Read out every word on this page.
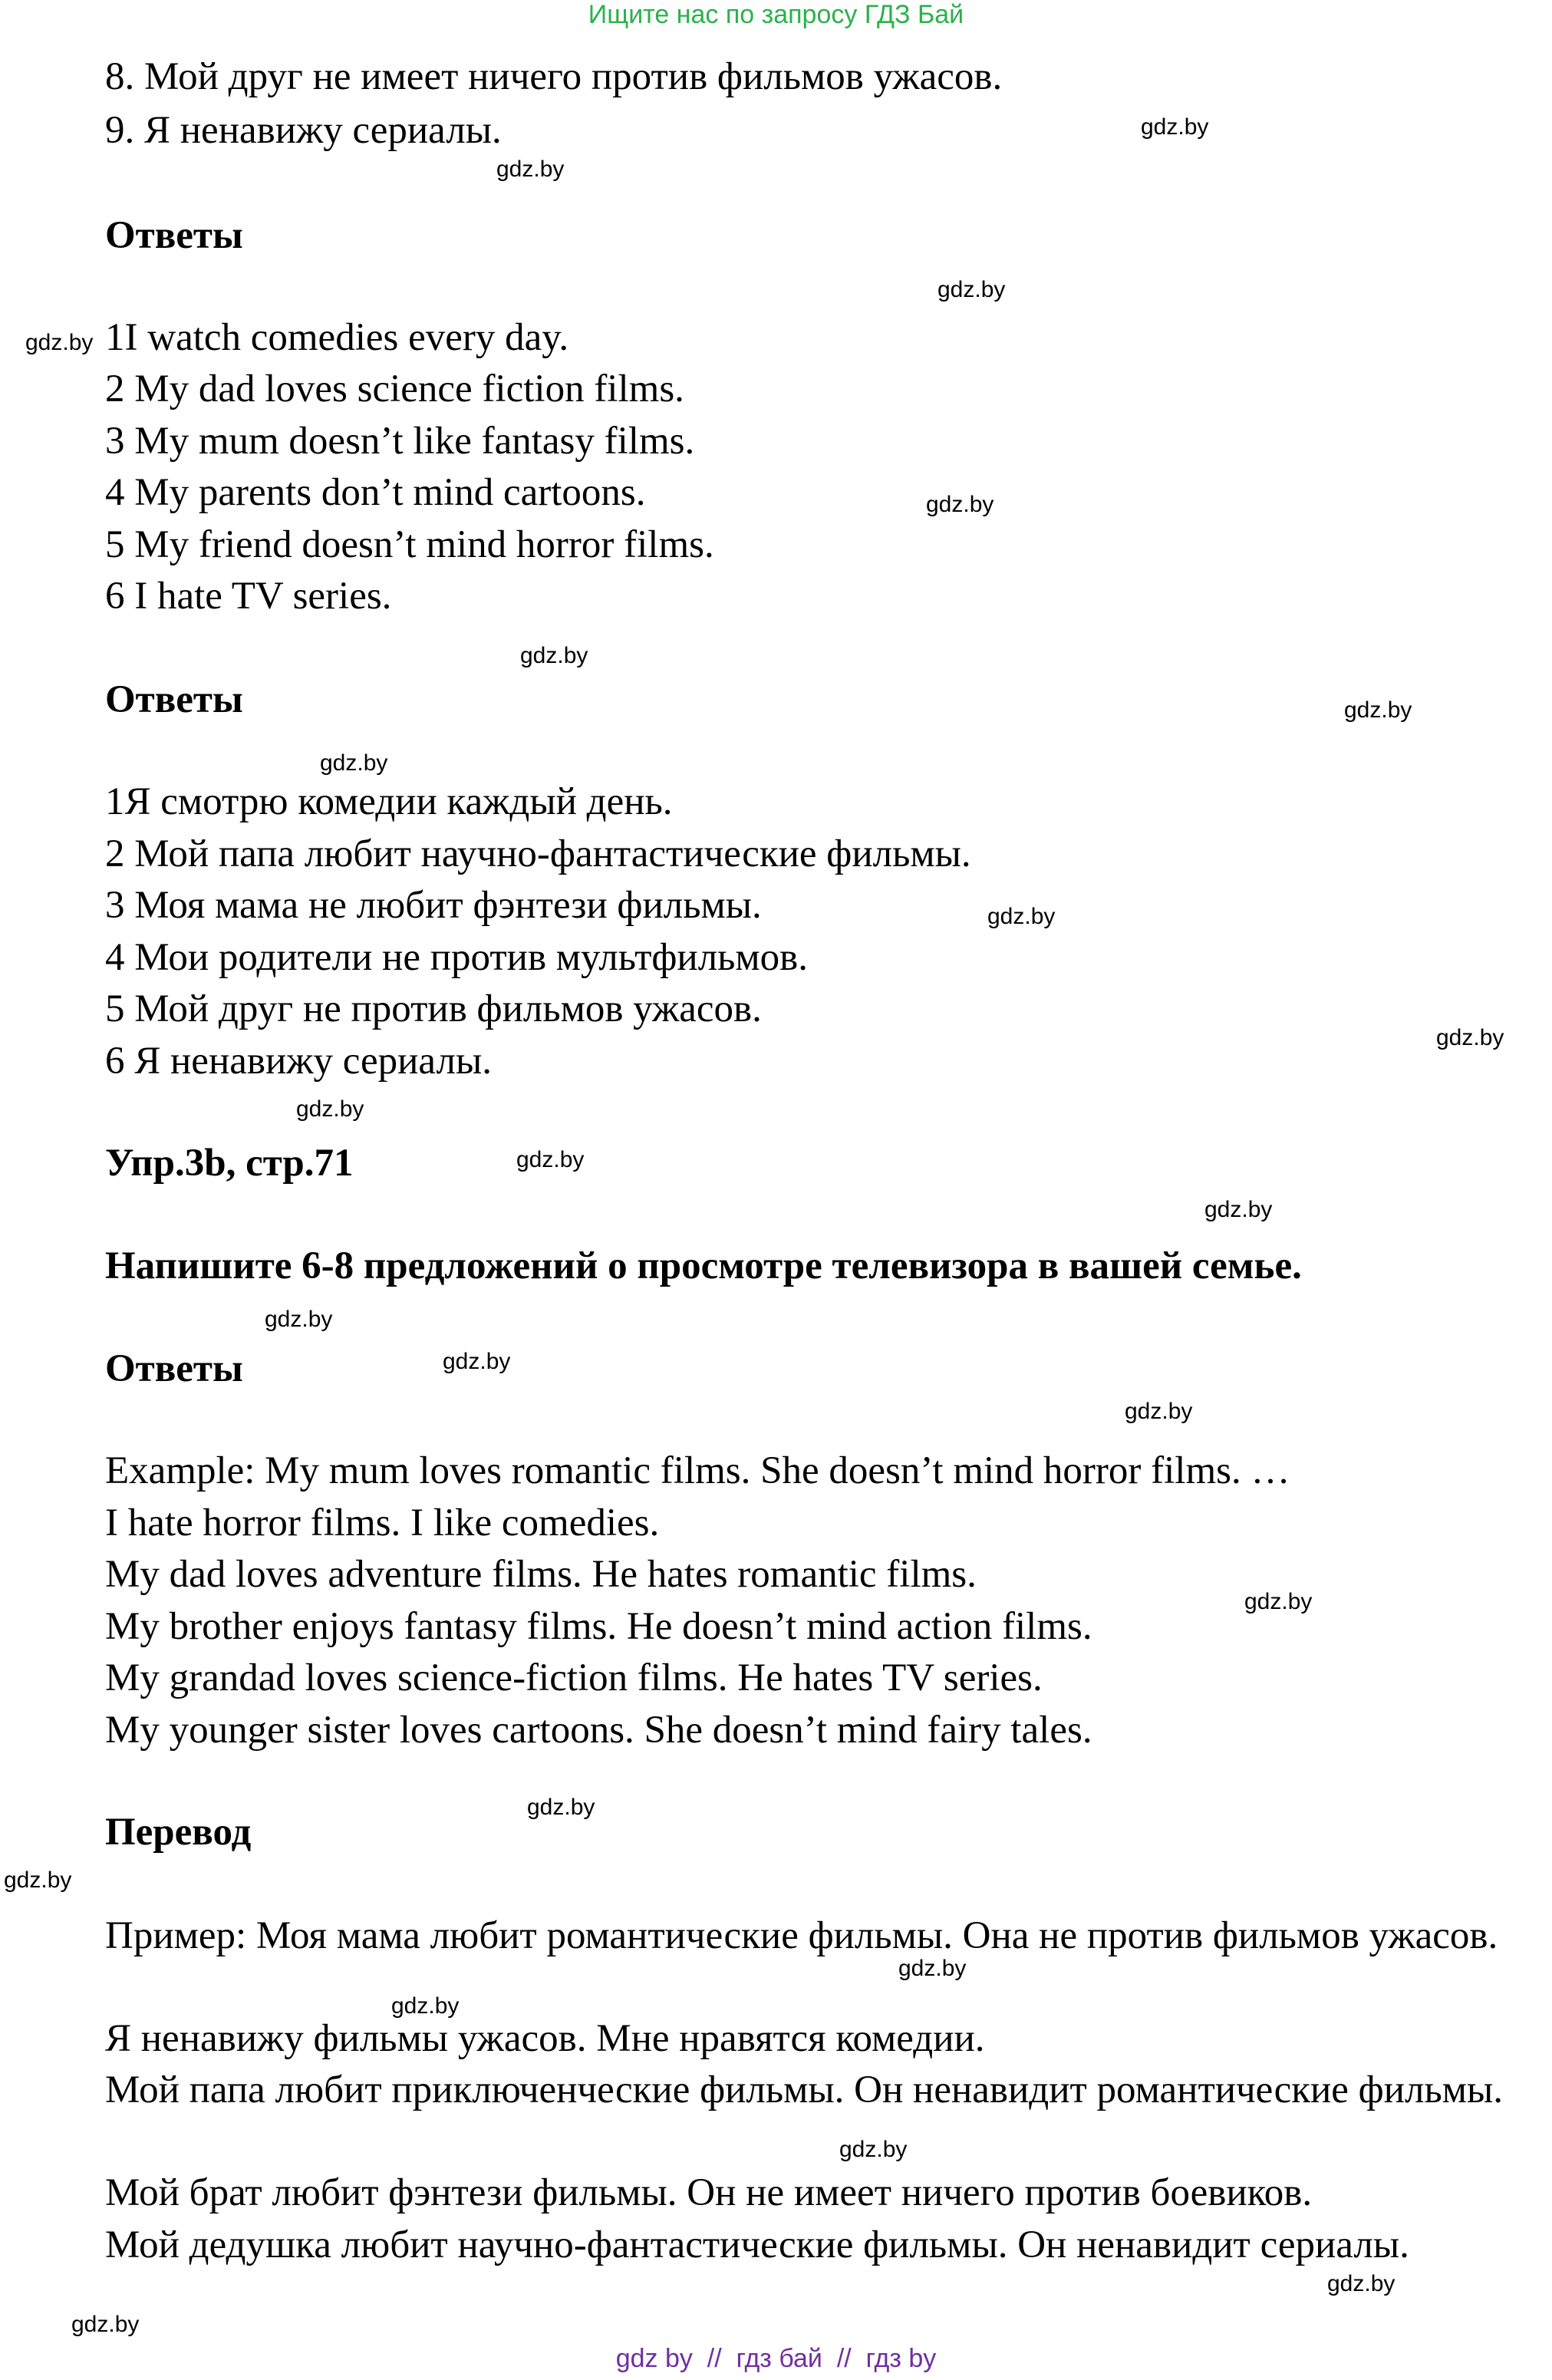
Ищите нас по запросу ГДЗ Бай
8. Мой друг не имеет ничего против фильмов ужасов.
9. Я ненавижу сериалы.
Ответы
1I watch comedies every day.
2 My dad loves science fiction films.
3 My mum doesn’t like fantasy films.
4 My parents don’t mind cartoons.
5 My friend doesn’t mind horror films.
6 I hate TV series.
Ответы
1Я смотрю комедии каждый день.
2 Мой папа любит научно-фантастические фильмы.
3 Моя мама не любит фэнтези фильмы.
4 Мои родители не против мультфильмов.
5 Мой друг не против фильмов ужасов.
6 Я ненавижу сериалы.
Упр.3b, стр.71
Напишите 6-8 предложений о просмотре телевизора в вашей семье.
Ответы
Example: My mum loves romantic films. She doesn’t mind horror films. …
I hate horror films. I like comedies.
My dad loves adventure films. He hates romantic films.
My brother enjoys fantasy films. He doesn’t mind action films.
My grandad loves science-fiction films. He hates TV series.
My younger sister loves cartoons. She doesn’t mind fairy tales.
Перевод
Пример: Моя мама любит романтические фильмы. Она не против фильмов ужасов.
Я ненавижу фильмы ужасов. Мне нравятся комедии.
Мой папа любит приключенческие фильмы. Он ненавидит романтические фильмы.
Мой брат любит фэнтези фильмы. Он не имеет ничего против боевиков.
Мой дедушка любит научно-фантастические фильмы. Он ненавидит сериалы.
gdz.by
gdz.by
gdz.by
gdz.by
gdz.by
gdz.by
gdz.by
gdz.by
gdz.by
gdz.by
gdz.by
gdz.by
gdz.by
gdz.by
gdz.by
gdz.by
gdz.by
gdz.by
gdz.by
gdz.by
gdz.by
gdz.by
gdz.by
gdz.by
gdz by  //  гдз бай  //  гдз by
